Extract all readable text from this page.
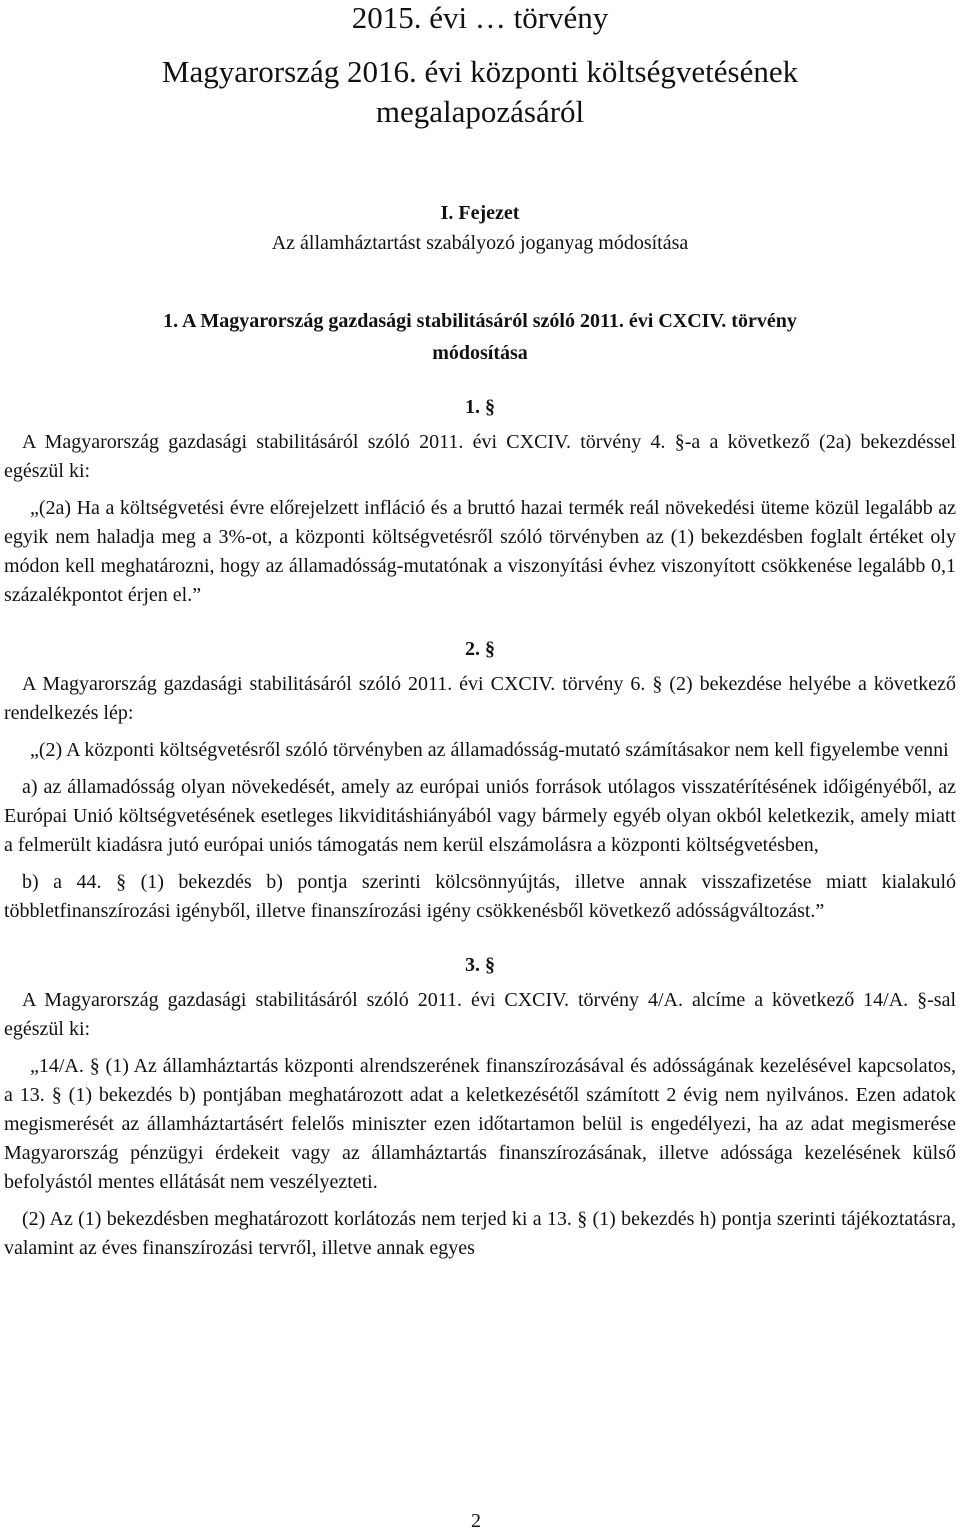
2015. évi … törvény
Magyarország 2016. évi központi költségvetésének
megalapozásáról
I. Fejezet
Az államháztartást szabályozó joganyag módosítása
1. A Magyarország gazdasági stabilitásáról szóló 2011. évi CXCIV. törvény
módosítása
1. §

A Magyarország gazdasági stabilitásáról szóló 2011. évi CXCIV. törvény 4. §-a a következő (2a) bekezdéssel egészül ki:

„(2a) Ha a költségvetési évre előrejelzett infláció és a bruttó hazai termék reál növekedési üteme közül legalább az egyik nem haladja meg a 3%-ot, a központi költségvetésről szóló törvényben az (1) bekezdésben foglalt értéket oly módon kell meghatározni, hogy az államadósság-mutatónak a viszonyítási évhez viszonyított csökkenése legalább 0,1 százalékpontot érjen el.”

2. §

A Magyarország gazdasági stabilitásáról szóló 2011. évi CXCIV. törvény 6. § (2) bekezdése helyébe a következő rendelkezés lép:

„(2) A központi költségvetésről szóló törvényben az államadósság-mutató számításakor nem kell figyelembe venni

a) az államadósság olyan növekedését, amely az európai uniós források utólagos visszatérítésének időigényéből, az Európai Unió költségvetésének esetleges likviditáshiányából vagy bármely egyéb olyan okból keletkezik, amely miatt a felmerült kiadásra jutó európai uniós támogatás nem kerül elszámolásra a központi költségvetésben,

b) a 44. § (1) bekezdés b) pontja szerinti kölcsönnyújtás, illetve annak visszafizetése miatt kialakuló többletfinanszírozási igényből, illetve finanszírozási igény csökkenésből következő adósságváltozást.”

3. §

A Magyarország gazdasági stabilitásáról szóló 2011. évi CXCIV. törvény 4/A. alcíme a következő 14/A. §-sal egészül ki:

„14/A. § (1) Az államháztartás központi alrendszerének finanszírozásával és adósságának kezelésével kapcsolatos, a 13. § (1) bekezdés b) pontjában meghatározott adat a keletkezésétől számított 2 évig nem nyilvános. Ezen adatok megismerését az államháztartásért felelős miniszter ezen időtartamon belül is engedélyezi, ha az adat megismerése Magyarország pénzügyi érdekeit vagy az államháztartás finanszírozásának, illetve adóssága kezelésének külső befolyástól mentes ellátását nem veszélyezteti.

(2) Az (1) bekezdésben meghatározott korlátozás nem terjed ki a 13. § (1) bekezdés h) pontja szerinti tájékoztatásra, valamint az éves finanszírozási tervről, illetve annak egyes

2
